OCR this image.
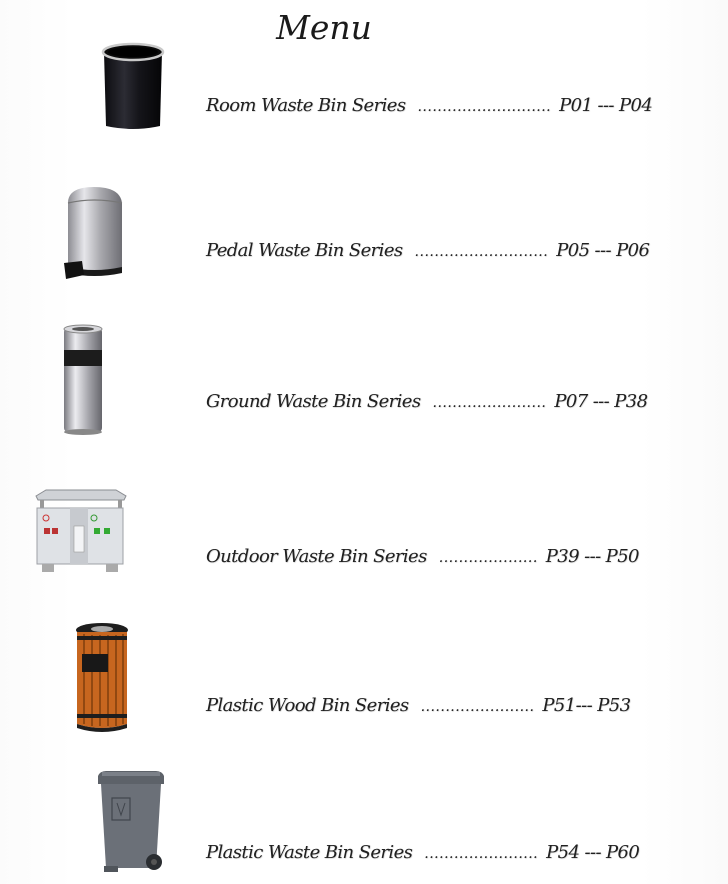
Menu
Room Waste Bin Series ........................... P01 --- P04
Pedal Waste Bin Series ........................... P05 --- P06
Ground Waste Bin Series ....................... P07 --- P38
Outdoor Waste Bin Series .................... P39 --- P50
Plastic Wood Bin Series ....................... P51--- P53
Plastic Waste Bin Series ....................... P54 --- P60
